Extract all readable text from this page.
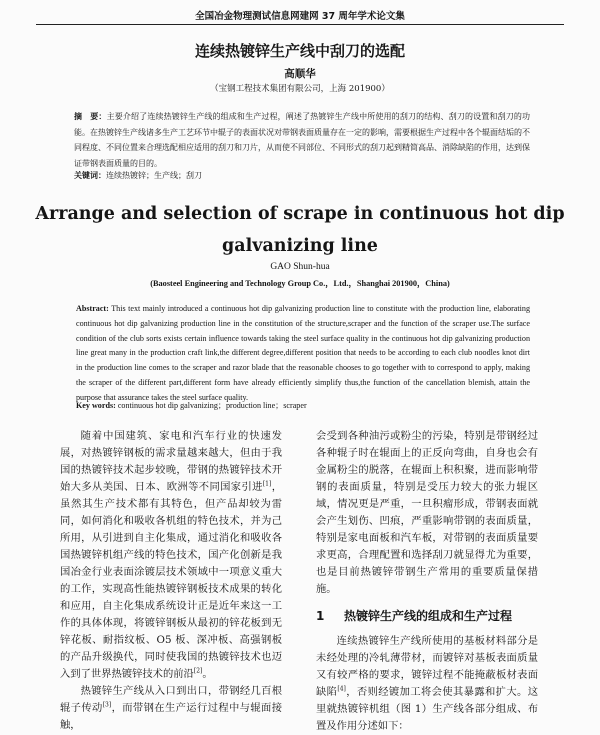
全国冶金物理测试信息网建网 37 周年学术论文集
连续热镀锌生产线中刮刀的选配
高顺华
（宝钢工程技术集团有限公司，上海 201900）
摘　要：主要介绍了连续热镀锌生产线的组成和生产过程，阐述了热镀锌生产线中所使用的刮刀的结构、刮刀的设置和刮刀的功能。在热镀锌生产线诸多生产工艺环节中辊子的表面状况对带钢表面质量存在一定的影响，需要根据生产过程中各个辊面结垢的不同程度、不同位置来合理选配相应适用的刮刀和刀片，从而使不同部位、不同形式的刮刀起到精简高品、消除缺陷的作用，达到保证带钢表面质量的目的。
关键词：连续热镀锌；生产线；刮刀
Arrange and selection of scrape in continuous hot dip
galvanizing line
GAO Shun-hua
(Baosteel Engineering and Technology Group Co.，Ltd.，Shanghai 201900，China)
Abstract: This text mainly introduced a continuous hot dip galvanizing production line to constitute with the production line, elaborating continuous hot dip galvanizing production line in the constitution of the structure,scraper and the function of the scraper use.The surface condition of the club sorts exists certain influence towards taking the steel surface quality in the continuous hot dip galvanizing production line great many in the production craft link,the different degree,different position that needs to be according to each club noodles knot dirt in the production line comes to the scraper and razor blade that the reasonable chooses to go together with to correspond to apply, making the scraper of the different part,different form have already efficiently simplify thus,the function of the cancellation blemish, attain the purpose that assurance takes the steel surface quality.
Key words: continuous hot dip galvanizing；production line；scraper

随着中国建筑、家电和汽车行业的快速发展，对热镀锌钢板的需求量越来越大，但由于我国的热镀锌技术起步较晚，带钢的热镀锌技术开始大多从美国、日本、欧洲等不同国家引进[1]，虽然其生产技术都有其特色，但产品却较为雷同，如何消化和吸收各机组的特色技术，并为己所用，从引进到自主化集成，通过消化和吸收各国热镀锌机组产线的特色技术，国产化创新是我国冶金行业表面涂镀层技术领域中一项意义重大的工作，实现高性能热镀锌钢板技术成果的转化和应用，自主化集成系统设计正是近年来这一工作的具体体现，将镀锌钢板从最初的锌花板到无锌花板、耐指纹板、O5 板、深冲板、高强钢板的产品升级换代，同时使我国的热镀锌技术也迈入到了世界热镀锌技术的前沿[2]。

热镀锌生产线从入口到出口，带钢经几百根辊子传动[3]，而带钢在生产运行过程中与辊面接触，

会受到各种油污或粉尘的污染，特别是带钢经过各种辊子时在辊面上的正反向弯曲，自身也会有金属粉尘的脱落，在辊面上积积聚，进而影响带钢的表面质量，特别是受压力较大的张力辊区域，情况更是严重，一旦积瘤形成，带钢表面就会产生划伤、凹痕，严重影响带钢的表面质量，特别是家电面板和汽车板，对带钢的表面质量要求更高，合理配置和选择刮刀就显得尤为重要，也是目前热镀锌带钢生产常用的重要质量保措施。

1 热镀锌生产线的组成和生产过程

连续热镀锌生产线所使用的基板材料部分是未经处理的冷轧薄带材，而镀锌对基板表面质量又有较严格的要求，镀锌过程不能掩蔽板材表面缺陷[4]，否则经镀加工将会使其暴露和扩大。这里就热镀锌机组（图 1）生产线各部分组成、布置及作用分述如下：
